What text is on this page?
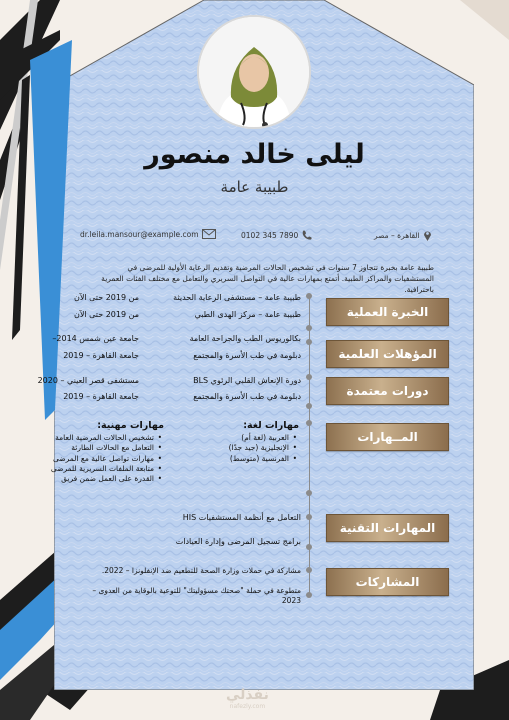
ليلى خالد منصور
طبيبة عامة
dr.leila.mansour@example.com	0102 345 7890	القاهرة – مصر
طبيبة عامة بخبرة تتجاوز 7 سنوات في تشخيص الحالات المرضية وتقديم الرعاية الأولية للمرضى في المستشفيات والمراكز الطبية. أتمتع بمهارات عالية في التواصل السريري والتعامل مع مختلف الفئات العمرية باحترافية.
الخبرة العملية
المؤهلات العلمية
دورات معتمدة
المــهارات
المهارات التقنية
المشاركات
طبيبة عامة – مستشفى الرعاية الحديثة
من 2019 حتى الآن
طبيبة عامة – مركز الهدى الطبي
من 2019 حتى الآن
بكالوريوس الطب والجراحة العامة
جامعة عين شمس 2014–
دبلومة في طب الأسرة والمجتمع
جامعة القاهرة – 2019
دورة الإنعاش القلبي الرئوي BLS
مستشفى قصر العيني – 2020
دبلومة في طب الأسرة والمجتمع
جامعة القاهرة – 2019
مهارات لغة:
• العربية (لغة أم)
• الإنجليزية (جيد جدًا)
• الفرنسية (متوسط)
مهارات مهنية:
• تشخيص الحالات المرضية العامة
• التعامل مع الحالات الطارئة
• مهارات تواصل عالية مع المرضى
• متابعة الملفات السريرية للمرضى
• القدرة على العمل ضمن فريق
التعامل مع أنظمة المستشفيات HIS
برامج تسجيل المرضى وإدارة العيادات
مشاركة في حملات وزارة الصحة للتطعيم ضد الإنفلونزا – 2022.
متطوعة في حملة "صحتك مسؤوليتك" للتوعية بالوقاية من العدوى – 2023
نفذلي
nafezly.com
